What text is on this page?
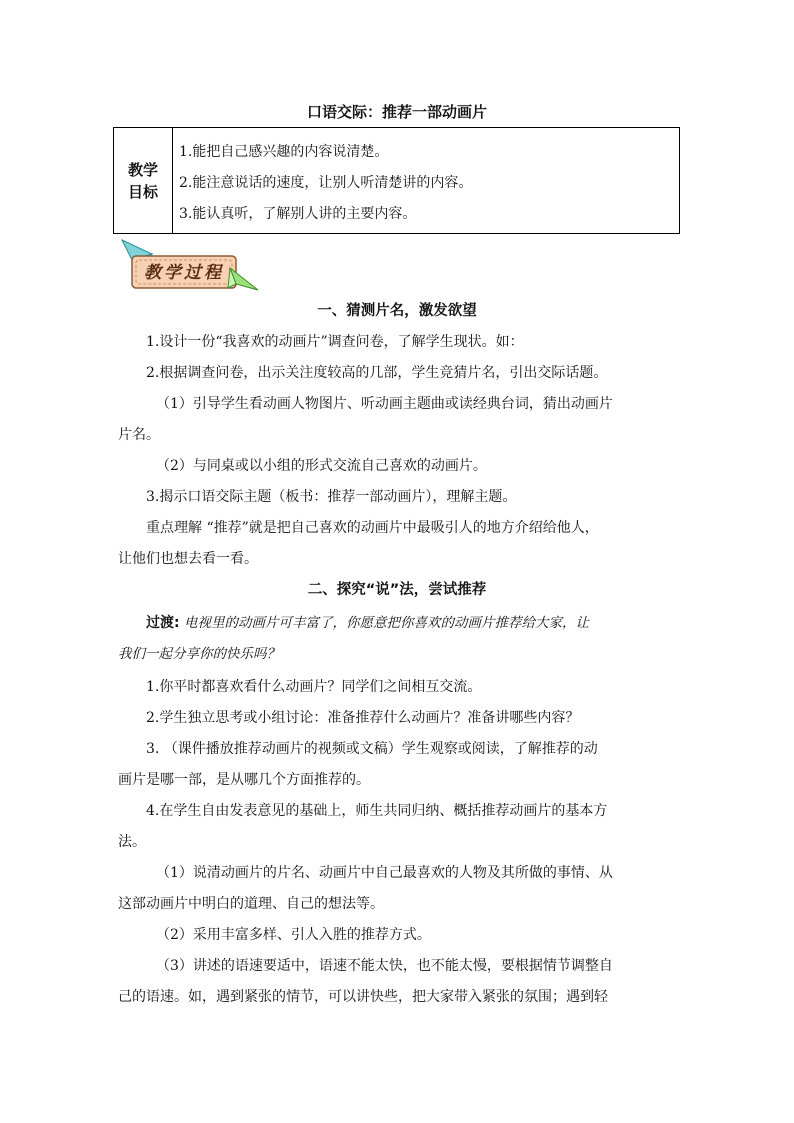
口语交际：推荐一部动画片
教学
目标
1.能把自己感兴趣的内容说清楚。
2.能注意说话的速度，让别人听清楚讲的内容。
3.能认真听，了解别人讲的主要内容。
教学过程
一、猜测片名，激发欲望
1.设计一份“我喜欢的动画片”调查问卷，了解学生现状。如：
2.根据调查问卷，出示关注度较高的几部，学生竞猜片名，引出交际话题。
（1）引导学生看动画人物图片、听动画主题曲或读经典台词，猜出动画片
片名。
（2）与同桌或以小组的形式交流自己喜欢的动画片。
3.揭示口语交际主题（板书：推荐一部动画片），理解主题。
重点理解 “推荐”就是把自己喜欢的动画片中最吸引人的地方介绍给他人，
让他们也想去看一看。
二、探究“说”法，尝试推荐
过渡: 电视里的动画片可丰富了，你愿意把你喜欢的动画片推荐给大家，让
我们一起分享你的快乐吗？
1.你平时都喜欢看什么动画片？同学们之间相互交流。
2.学生独立思考或小组讨论：准备推荐什么动画片？准备讲哪些内容？
3. （课件播放推荐动画片的视频或文稿）学生观察或阅读，了解推荐的动
画片是哪一部，是从哪几个方面推荐的。
4.在学生自由发表意见的基础上，师生共同归纳、概括推荐动画片的基本方
法。
（1）说清动画片的片名、动画片中自己最喜欢的人物及其所做的事情、从
这部动画片中明白的道理、自己的想法等。
（2）采用丰富多样、引人入胜的推荐方式。
（3）讲述的语速要适中，语速不能太快，也不能太慢，要根据情节调整自
己的语速。如，遇到紧张的情节，可以讲快些，把大家带入紧张的氛围；遇到轻
